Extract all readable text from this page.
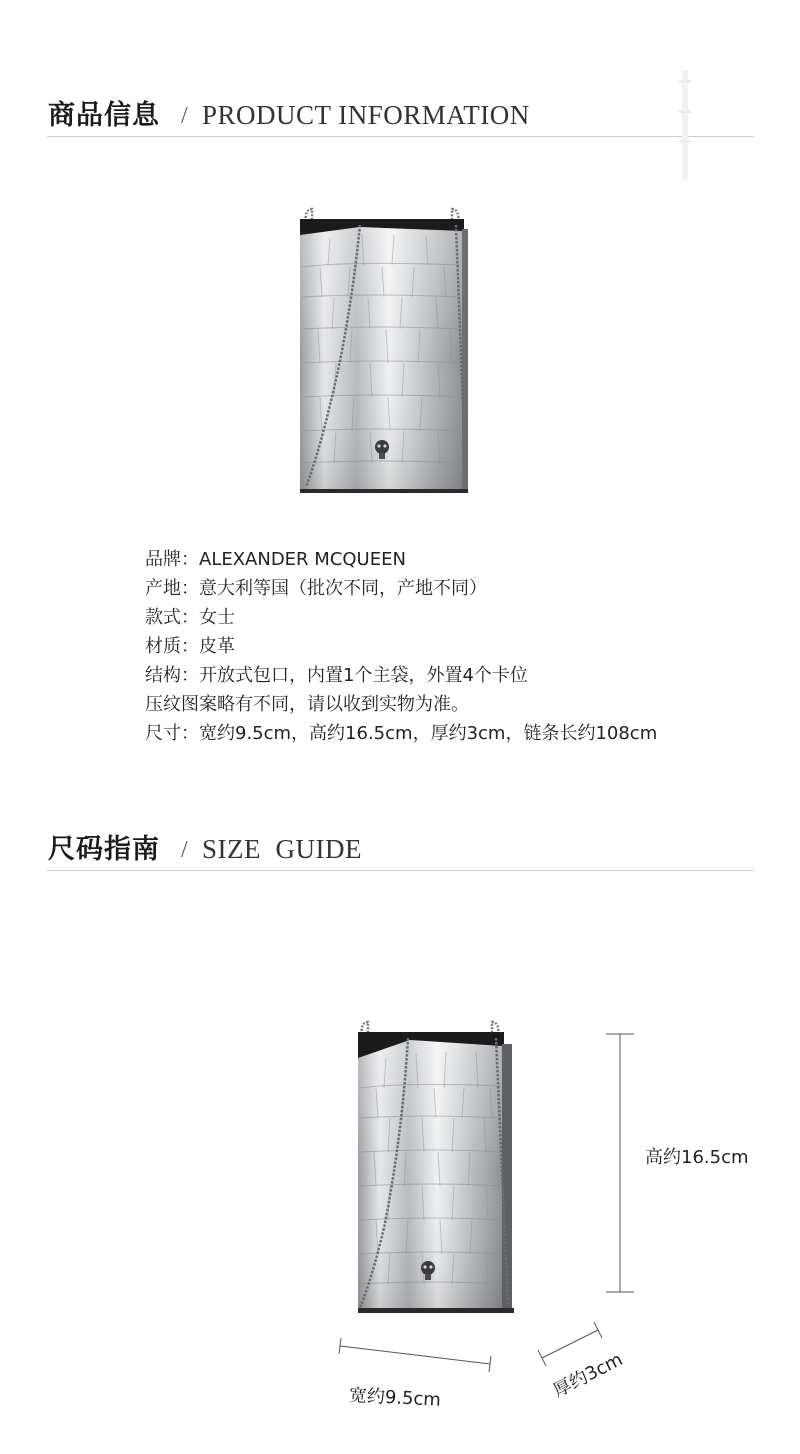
商品信息 / PRODUCT INFORMATION
品牌：ALEXANDER MCQUEEN
产地：意大利等国（批次不同，产地不同）
款式：女士
材质：皮革
结构：开放式包口，内置1个主袋，外置4个卡位
压纹图案略有不同，请以收到实物为准。
尺寸：宽约9.5cm，高约16.5cm，厚约3cm，链条长约108cm
尺码指南 / SIZE  GUIDE
高约16.5cm
宽约9.5cm	厚约3cm
